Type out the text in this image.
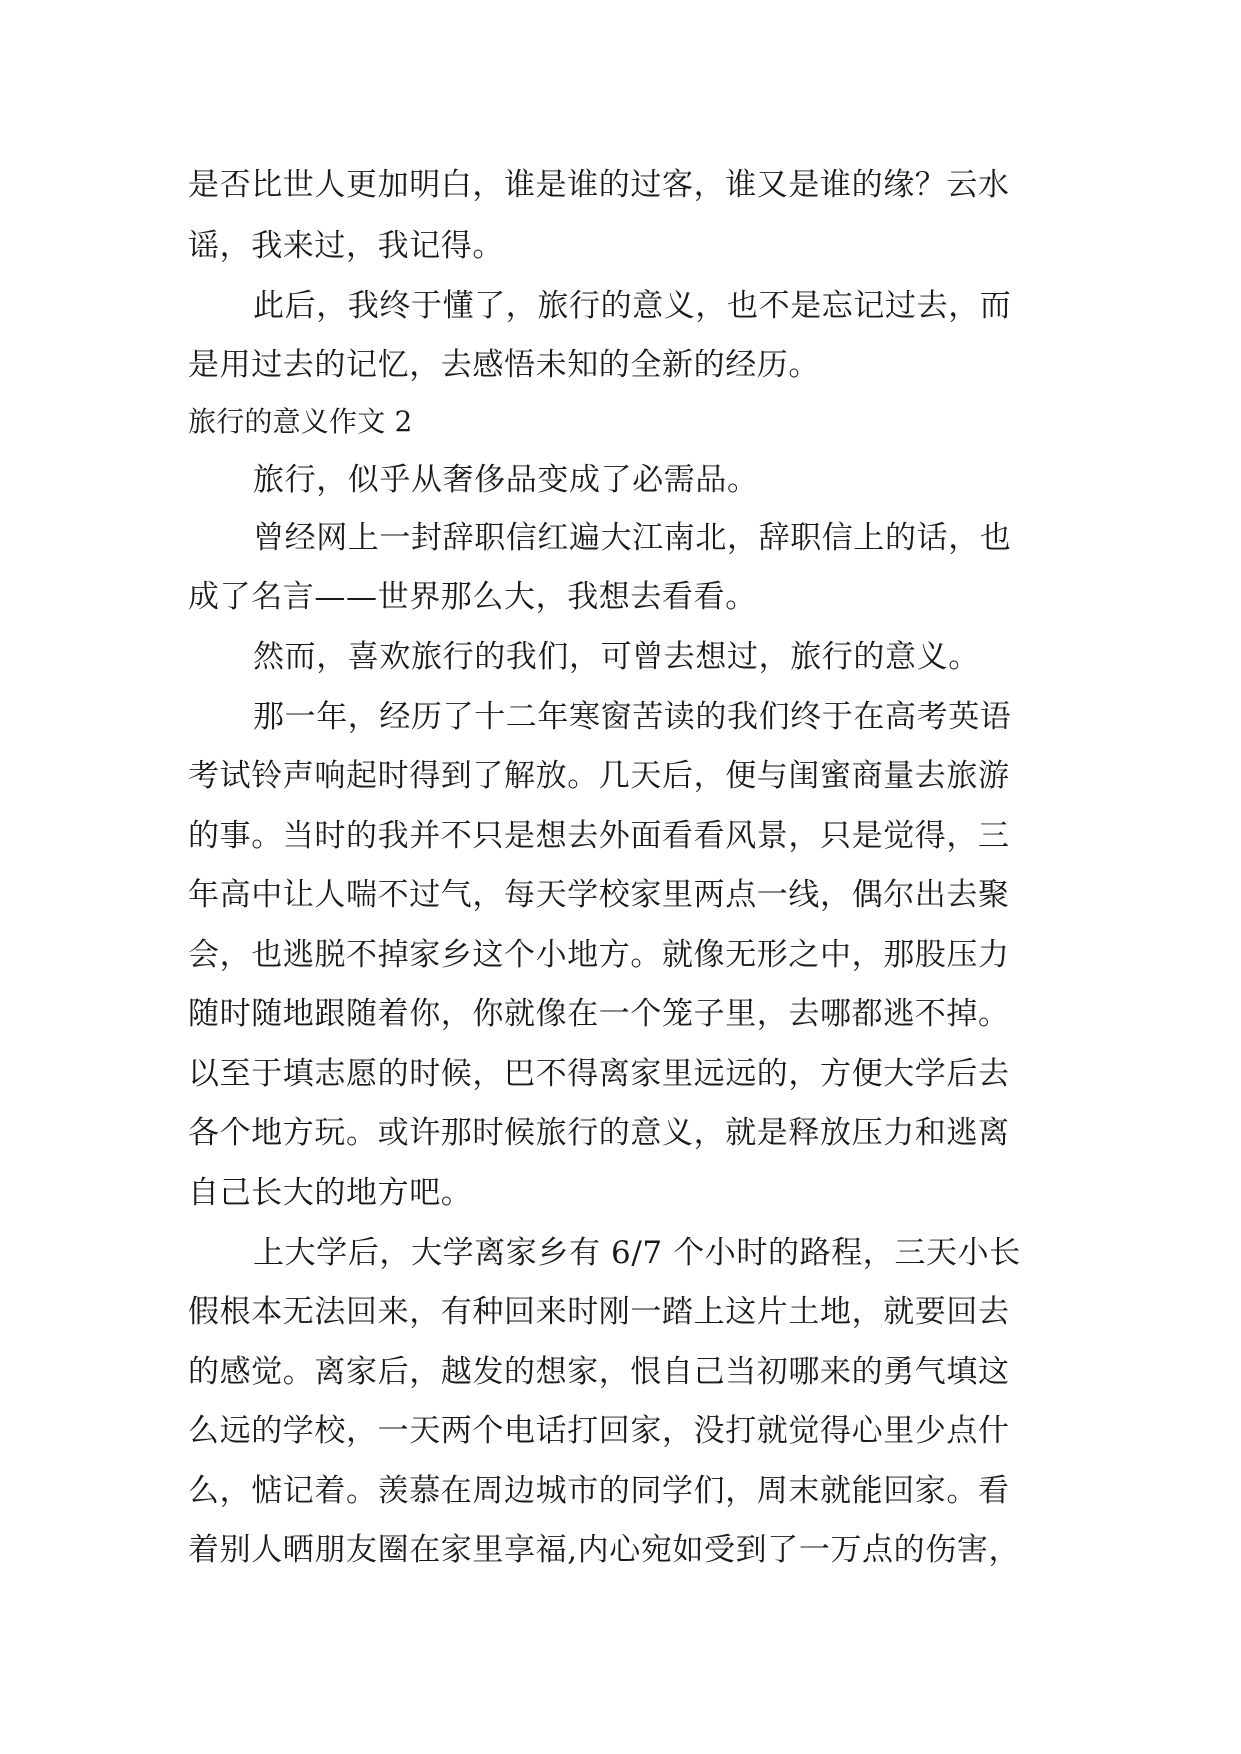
是否比世人更加明白，谁是谁的过客，谁又是谁的缘？云水
谣，我来过，我记得。
此后，我终于懂了，旅行的意义，也不是忘记过去，而
是用过去的记忆，去感悟未知的全新的经历。
旅行的意义作文 2
旅行，似乎从奢侈品变成了必需品。
曾经网上一封辞职信红遍大江南北，辞职信上的话，也
成了名言——世界那么大，我想去看看。
然而，喜欢旅行的我们，可曾去想过，旅行的意义。
那一年，经历了十二年寒窗苦读的我们终于在高考英语
考试铃声响起时得到了解放。几天后，便与闺蜜商量去旅游
的事。当时的我并不只是想去外面看看风景，只是觉得，三
年高中让人喘不过气，每天学校家里两点一线，偶尔出去聚
会，也逃脱不掉家乡这个小地方。就像无形之中，那股压力
随时随地跟随着你，你就像在一个笼子里，去哪都逃不掉。
以至于填志愿的时候，巴不得离家里远远的，方便大学后去
各个地方玩。或许那时候旅行的意义，就是释放压力和逃离
自己长大的地方吧。
上大学后，大学离家乡有 6/7 个小时的路程，三天小长
假根本无法回来，有种回来时刚一踏上这片土地，就要回去
的感觉。离家后，越发的想家，恨自己当初哪来的勇气填这
么远的学校，一天两个电话打回家，没打就觉得心里少点什
么，惦记着。羡慕在周边城市的同学们，周末就能回家。看
着别人晒朋友圈在家里享福,内心宛如受到了一万点的伤害，
